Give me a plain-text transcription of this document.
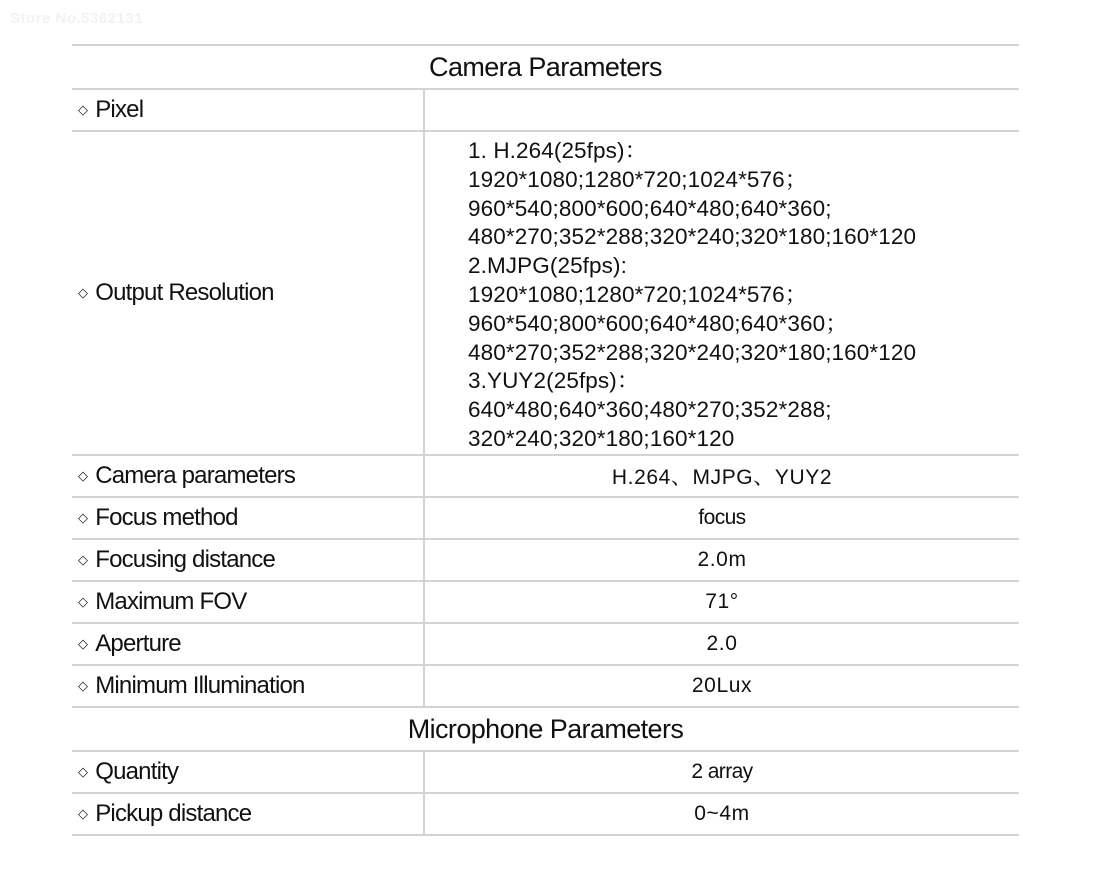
Store No.5362131
Camera Parameters
◇ Pixel
◇ Output Resolution
1. H.264(25fps)：
1920*1080;1280*720;1024*576；
960*540;800*600;640*480;640*360;
480*270;352*288;320*240;320*180;160*120
2.MJPG(25fps):
1920*1080;1280*720;1024*576；
960*540;800*600;640*480;640*360；
480*270;352*288;320*240;320*180;160*120
3.YUY2(25fps)：
640*480;640*360;480*270;352*288;
320*240;320*180;160*120
◇ Camera parameters	H.264、MJPG、YUY2
◇ Focus method	focus
◇ Focusing distance	2.0m
◇ Maximum FOV	71°
◇ Aperture	2.0
◇ Minimum Illumination	20Lux
Microphone Parameters
◇ Quantity	2 array
◇ Pickup distance	0~4m
